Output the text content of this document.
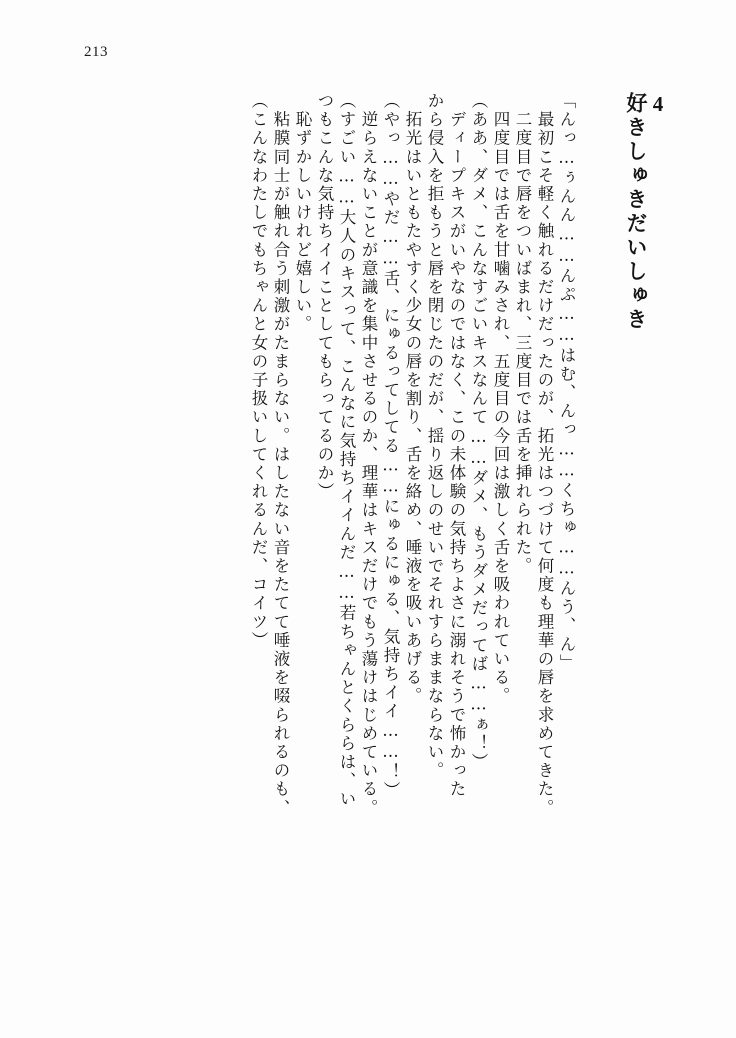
213
4
好きしゅきだいしゅき
「んっ…ぅんん……んぷ……はむ、んっ……くちゅ……んう、ん」
　最初こそ軽く触れるだけだったのが、拓光はつづけて何度も理華の唇を求めてきた。
　二度目で唇をついばまれ、三度目では舌を挿れられた。
　四度目では舌を甘噛みされ、五度目の今回は激しく舌を吸われている。
（ああ、ダメ、こんなすごいキスなんて……ダメ、もうダメだってば……ぁ！）
　ディープキスがいやなのではなく、この未体験の気持ちよさに溺れそうで怖かった
から侵入を拒もうと唇を閉じたのだが、揺り返しのせいでそれすらままならない。
　拓光はいともたやすく少女の唇を割り、舌を絡め、唾液を吸いあげる。
（やっ……やだ……舌、にゅるってしてる……にゅるにゅる、気持ちイイ……！）
　逆らえないことが意識を集中させるのか、理華はキスだけでもう蕩けはじめている。
（すごい……大人のキスって、こんなに気持ちイイんだ……若ちゃんとくららは、い
つもこんな気持ちイイことしてもらってるのか）
　恥ずかしいけれど嬉しい。
　粘膜同士が触れ合う刺激がたまらない。はしたない音をたてて唾液を啜られるのも、
（こんなわたしでもちゃんと女の子扱いしてくれるんだ、コイツ）
